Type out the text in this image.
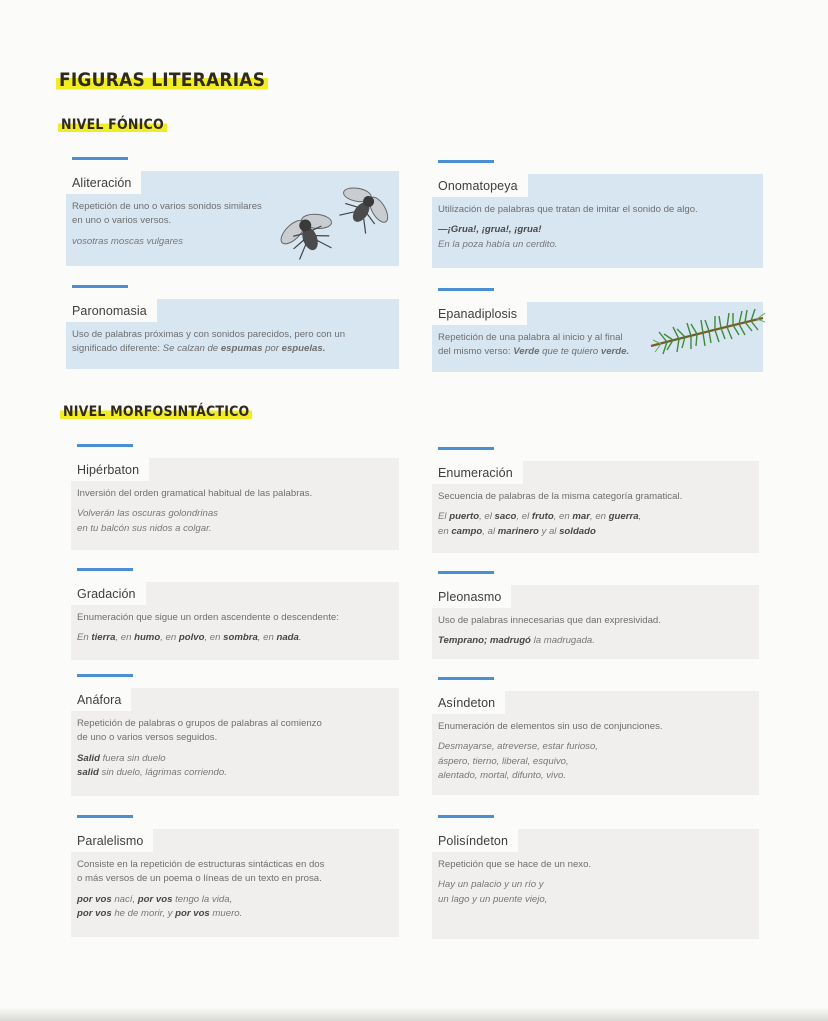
FIGURAS LITERARIAS
NIVEL FÓNICO
NIVEL MORFOSINTÁCTICO
Aliteración
Repetición de uno o varios sonidos similares
en uno o varios versos.
vosotras moscas vulgares
Onomatopeya
Utilización de palabras que tratan de imitar el sonido de algo.
—¡Grua!, ¡grua!, ¡grua!
En la poza había un cerdito.
Paronomasia
Uso de palabras próximas y con sonidos parecidos, pero con un
significado diferente: Se calzan de espumas por espuelas.
Epanadiplosis
Repetición de una palabra al inicio y al final
del mismo verso: Verde que te quiero verde.
Hipérbaton
Inversión del orden gramatical habitual de las palabras.
Volverán las oscuras golondrinas
en tu balcón sus nidos a colgar.
Enumeración
Secuencia de palabras de la misma categoría gramatical.
El puerto, el saco, el fruto, en mar, en guerra,
en campo, al marinero y al soldado
Gradación
Enumeración que sigue un orden ascendente o descendente:
En tierra, en humo, en polvo, en sombra, en nada.
Pleonasmo
Uso de palabras innecesarias que dan expresividad.
Temprano; madrugó la madrugada.
Anáfora
Repetición de palabras o grupos de palabras al comienzo
de uno o varios versos seguidos.
Salid fuera sin duelo
salid sin duelo, lágrimas corriendo.
Asíndeton
Enumeración de elementos sin uso de conjunciones.
Desmayarse, atreverse, estar furioso,
áspero, tierno, liberal, esquivo,
alentado, mortal, difunto, vivo.
Paralelismo
Consiste en la repetición de estructuras sintácticas en dos
o más versos de un poema o líneas de un texto en prosa.
por vos nací, por vos tengo la vida,
por vos he de morir, y por vos muero.
Polisíndeton
Repetición que se hace de un nexo.
Hay un palacio y un río y
un lago y un puente viejo,
